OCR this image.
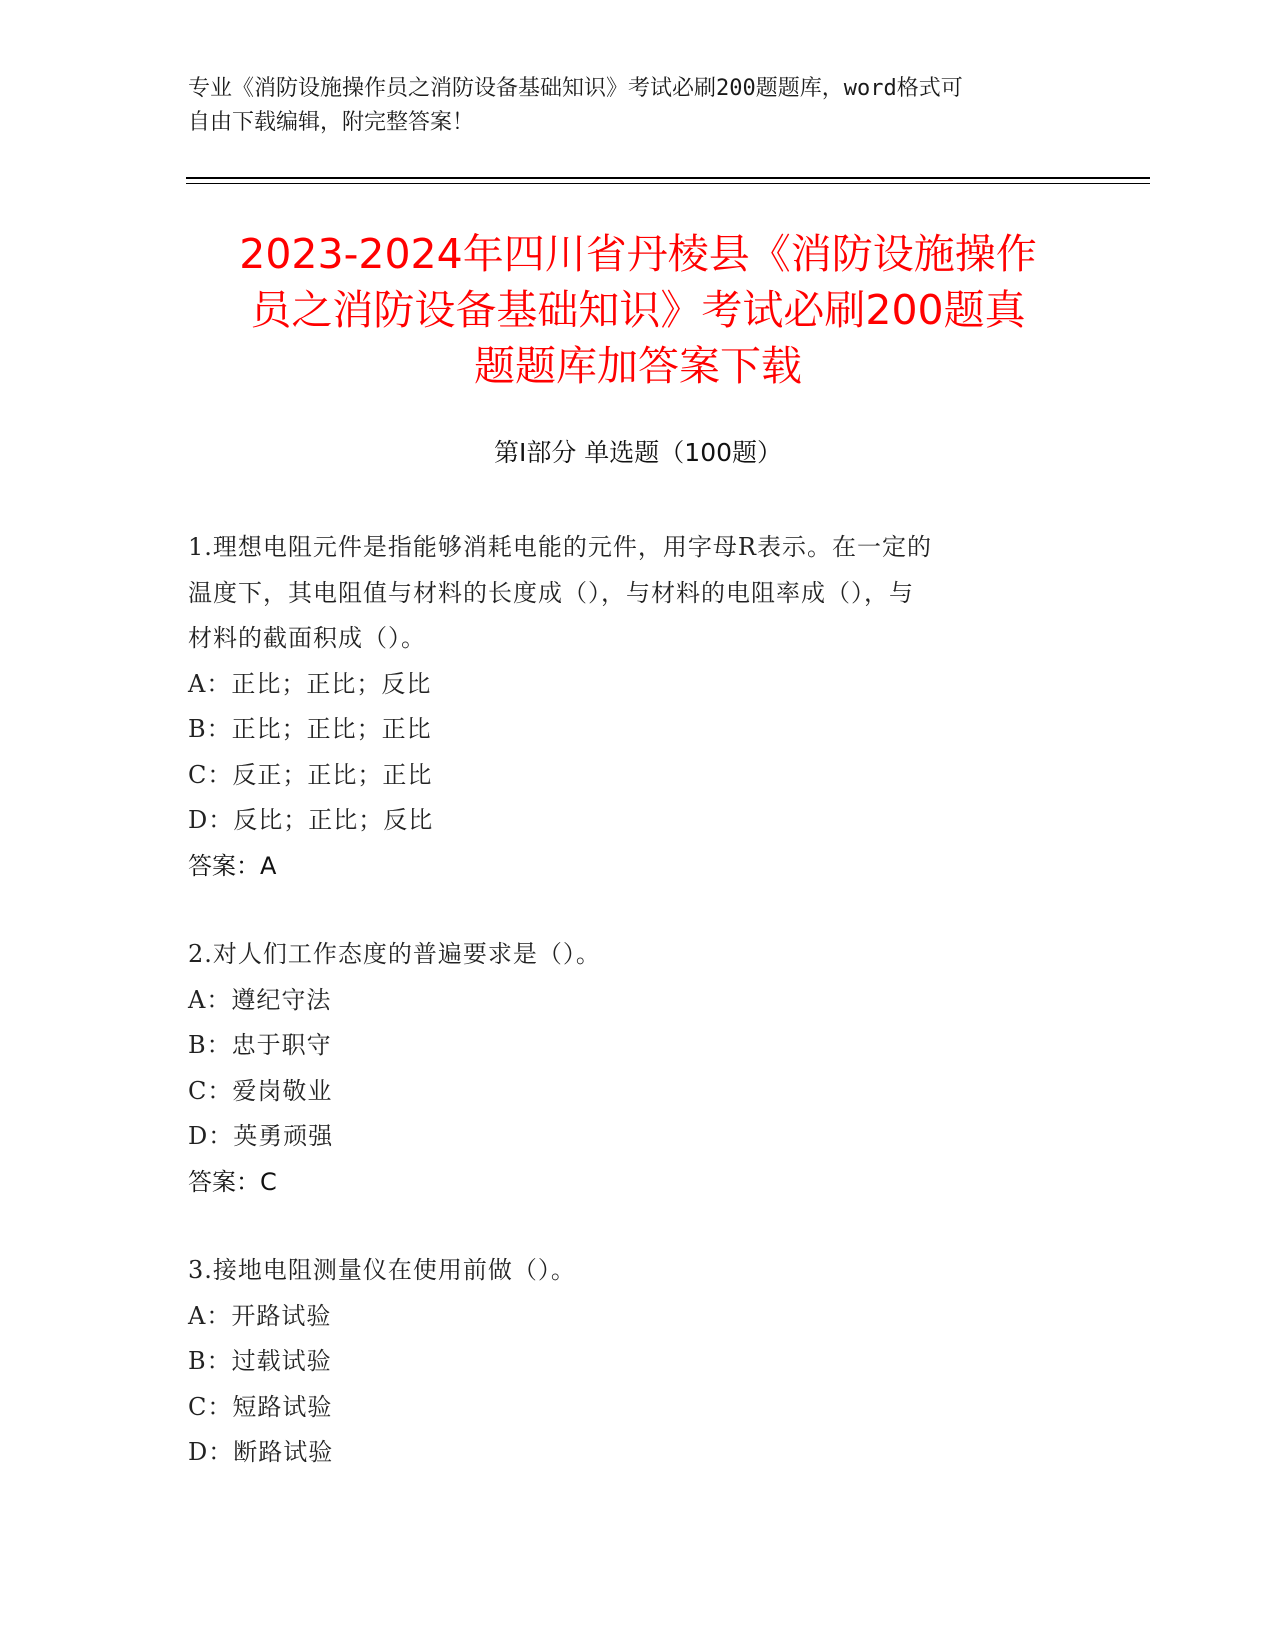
专业《消防设施操作员之消防设备基础知识》考试必刷200题题库，word格式可
自由下载编辑，附完整答案！
2023-2024年四川省丹棱县《消防设施操作
员之消防设备基础知识》考试必刷200题真
题题库加答案下载
第I部分 单选题（100题）
1.理想电阻元件是指能够消耗电能的元件，用字母R表示。在一定的
温度下，其电阻值与材料的长度成（），与材料的电阻率成（），与
材料的截面积成（）。
A：正比；正比；反比
B：正比；正比；正比
C：反正；正比；正比
D：反比；正比；反比
答案：A
2.对人们工作态度的普遍要求是（）。
A：遵纪守法
B：忠于职守
C：爱岗敬业
D：英勇顽强
答案：C
3.接地电阻测量仪在使用前做（）。
A：开路试验
B：过载试验
C：短路试验
D：断路试验
